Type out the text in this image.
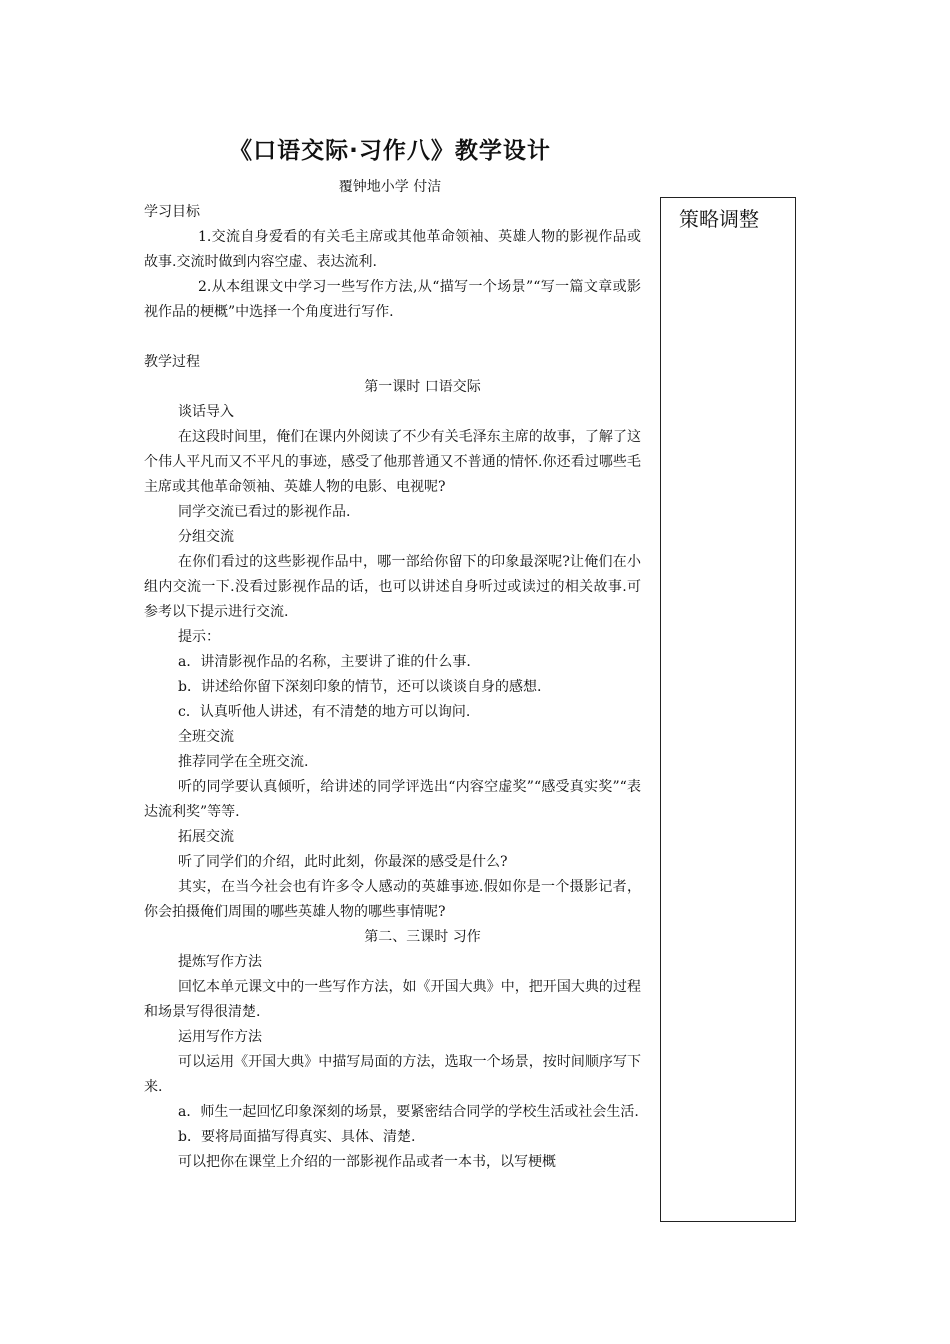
《口语交际·习作八》教学设计
覆钟地小学 付洁
策略调整

学习目标

1.交流自身爱看的有关毛主席或其他革命领袖、英雄人物的影视作品或故事.交流时做到内容空虚、表达流利.

2.从本组课文中学习一些写作方法,从“描写一个场景”“写一篇文章或影视作品的梗概”中选择一个角度进行写作.

教学过程

第一课时 口语交际

谈话导入

在这段时间里，俺们在课内外阅读了不少有关毛泽东主席的故事，了解了这个伟人平凡而又不平凡的事迹，感受了他那普通又不普通的情怀.你还看过哪些毛主席或其他革命领袖、英雄人物的电影、电视呢?

同学交流已看过的影视作品.

分组交流

在你们看过的这些影视作品中，哪一部给你留下的印象最深呢?让俺们在小组内交流一下.没看过影视作品的话，也可以讲述自身听过或读过的相关故事.可参考以下提示进行交流.

提示：

a．讲清影视作品的名称，主要讲了谁的什么事.

b．讲述给你留下深刻印象的情节，还可以谈谈自身的感想.

c．认真听他人讲述，有不清楚的地方可以询问.

全班交流

推荐同学在全班交流.

听的同学要认真倾听，给讲述的同学评选出“内容空虚奖”“感受真实奖”“表达流利奖”等等.

拓展交流

听了同学们的介绍，此时此刻，你最深的感受是什么?

其实，在当今社会也有许多令人感动的英雄事迹.假如你是一个摄影记者，你会拍摄俺们周围的哪些英雄人物的哪些事情呢?

第二、三课时 习作

提炼写作方法

回忆本单元课文中的一些写作方法，如《开国大典》中，把开国大典的过程和场景写得很清楚.

运用写作方法

可以运用《开国大典》中描写局面的方法，选取一个场景，按时间顺序写下来.

a．师生一起回忆印象深刻的场景，要紧密结合同学的学校生活或社会生活.

b．要将局面描写得真实、具体、清楚.

可以把你在课堂上介绍的一部影视作品或者一本书，以写梗概
